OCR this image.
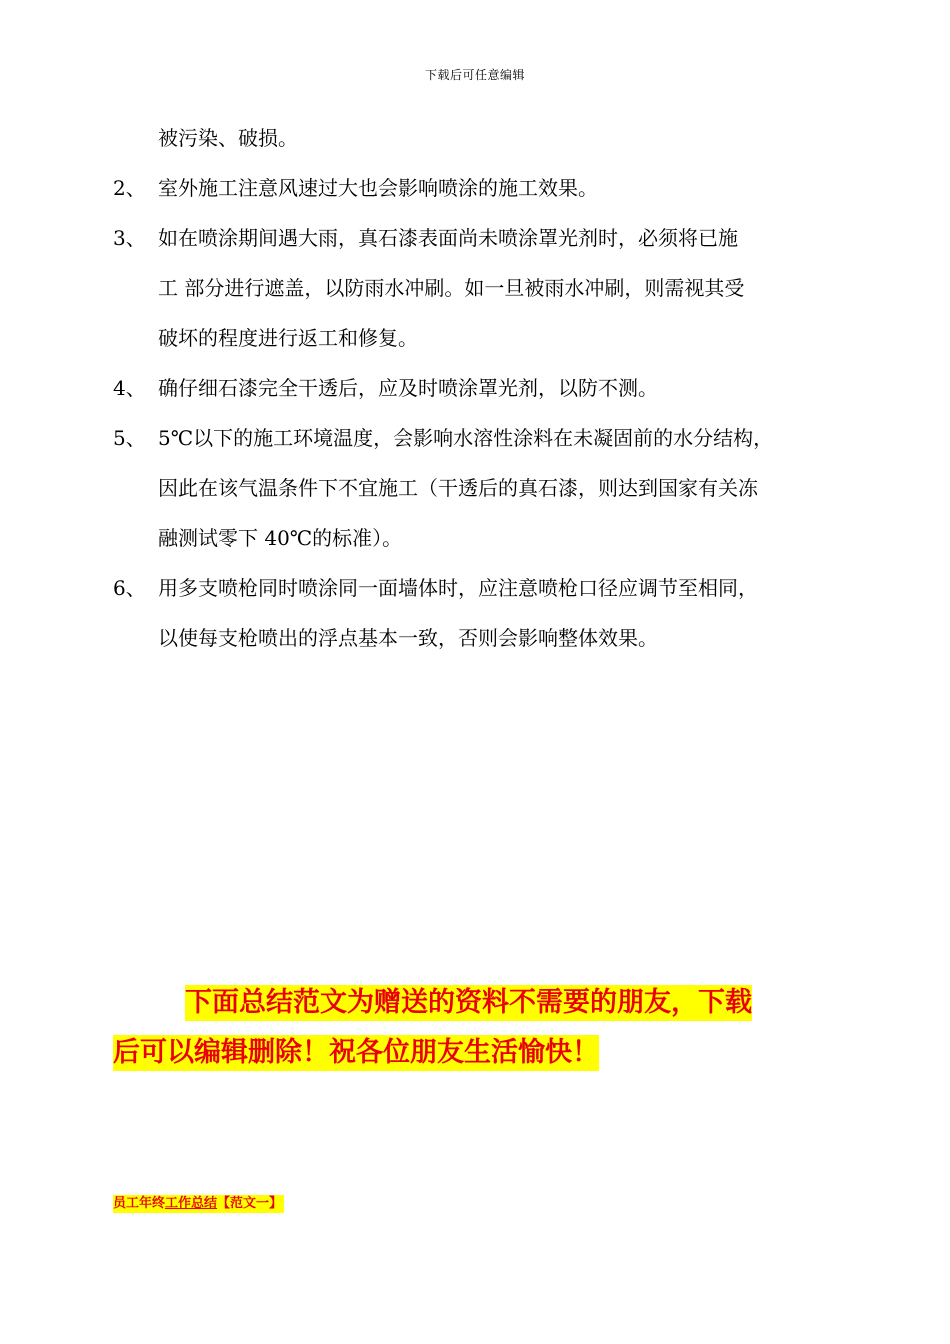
下载后可任意编辑
被污染、破损。
2、 室外施工注意风速过大也会影响喷涂的施工效果。
3、 如在喷涂期间遇大雨，真石漆表面尚未喷涂罩光剂时，必须将已施
工 部分进行遮盖，以防雨水冲刷。如一旦被雨水冲刷，则需视其受
破坏的程度进行返工和修复。
4、 确仔细石漆完全干透后，应及时喷涂罩光剂，以防不测。
5、 5℃以下的施工环境温度，会影响水溶性涂料在未凝固前的水分结构，
因此在该气温条件下不宜施工（干透后的真石漆，则达到国家有关冻
融测试零下 40℃的标准）。
6、 用多支喷枪同时喷涂同一面墙体时，应注意喷枪口径应调节至相同，
以使每支枪喷出的浮点基本一致，否则会影响整体效果。
下面总结范文为赠送的资料不需要的朋友，下载
后可以编辑删除！祝各位朋友生活愉快！
员工年终工作总结【范文一】
